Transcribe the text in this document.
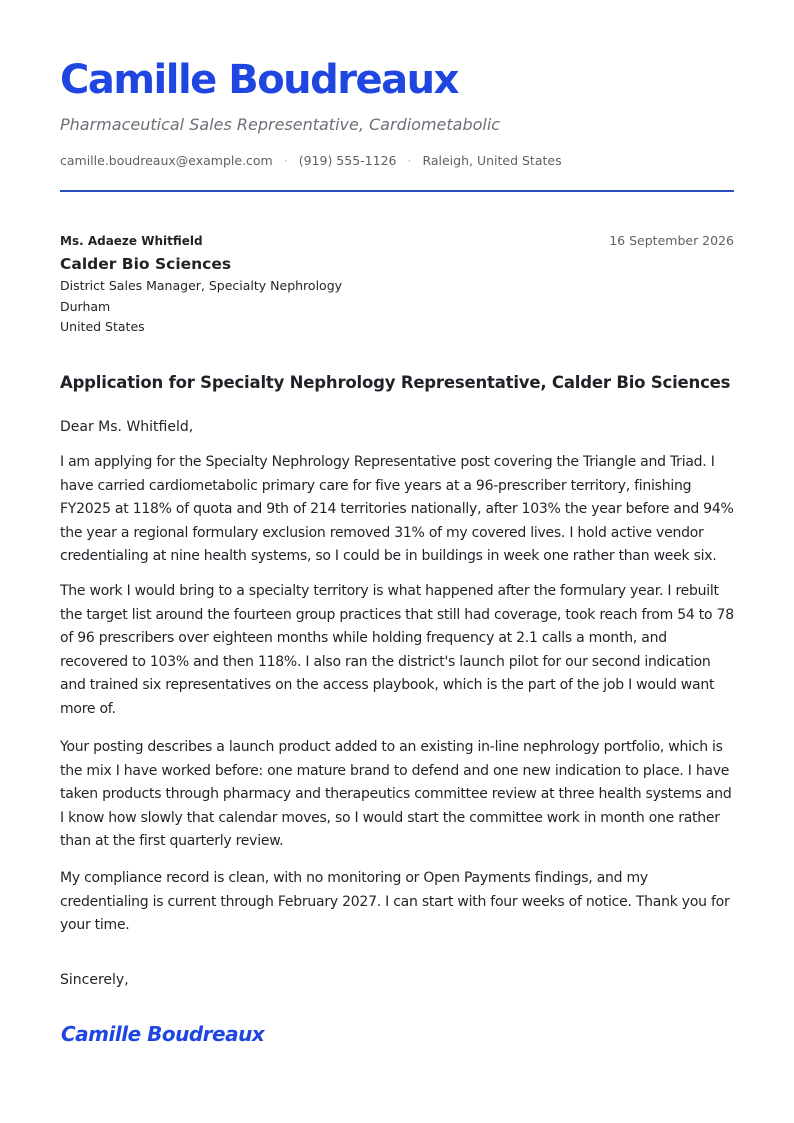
Camille Boudreaux

Pharmaceutical Sales Representative, Cardiometabolic

camille.boudreaux@example.com · (919) 555-1126 · Raleigh, United States
Ms. Adaeze Whitfield	16 September 2026
Calder Bio Sciences
District Sales Manager, Specialty Nephrology
Durham
United States
Application for Specialty Nephrology Representative, Calder Bio Sciences
Dear Ms. Whitfield,

I am applying for the Specialty Nephrology Representative post covering the Triangle and Triad. I have carried cardiometabolic primary care for five years at a 96-prescriber territory, finishing FY2025 at 118% of quota and 9th of 214 territories nationally, after 103% the year before and 94% the year a regional formulary exclusion removed 31% of my covered lives. I hold active vendor credentialing at nine health systems, so I could be in buildings in week one rather than week six.

The work I would bring to a specialty territory is what happened after the formulary year. I rebuilt the target list around the fourteen group practices that still had coverage, took reach from 54 to 78 of 96 prescribers over eighteen months while holding frequency at 2.1 calls a month, and recovered to 103% and then 118%. I also ran the district's launch pilot for our second indication and trained six representatives on the access playbook, which is the part of the job I would want more of.

Your posting describes a launch product added to an existing in-line nephrology portfolio, which is the mix I have worked before: one mature brand to defend and one new indication to place. I have taken products through pharmacy and therapeutics committee review at three health systems and I know how slowly that calendar moves, so I would start the committee work in month one rather than at the first quarterly review.

My compliance record is clean, with no monitoring or Open Payments findings, and my credentialing is current through February 2027. I can start with four weeks of notice. Thank you for your time.

Sincerely,
Camille Boudreaux
